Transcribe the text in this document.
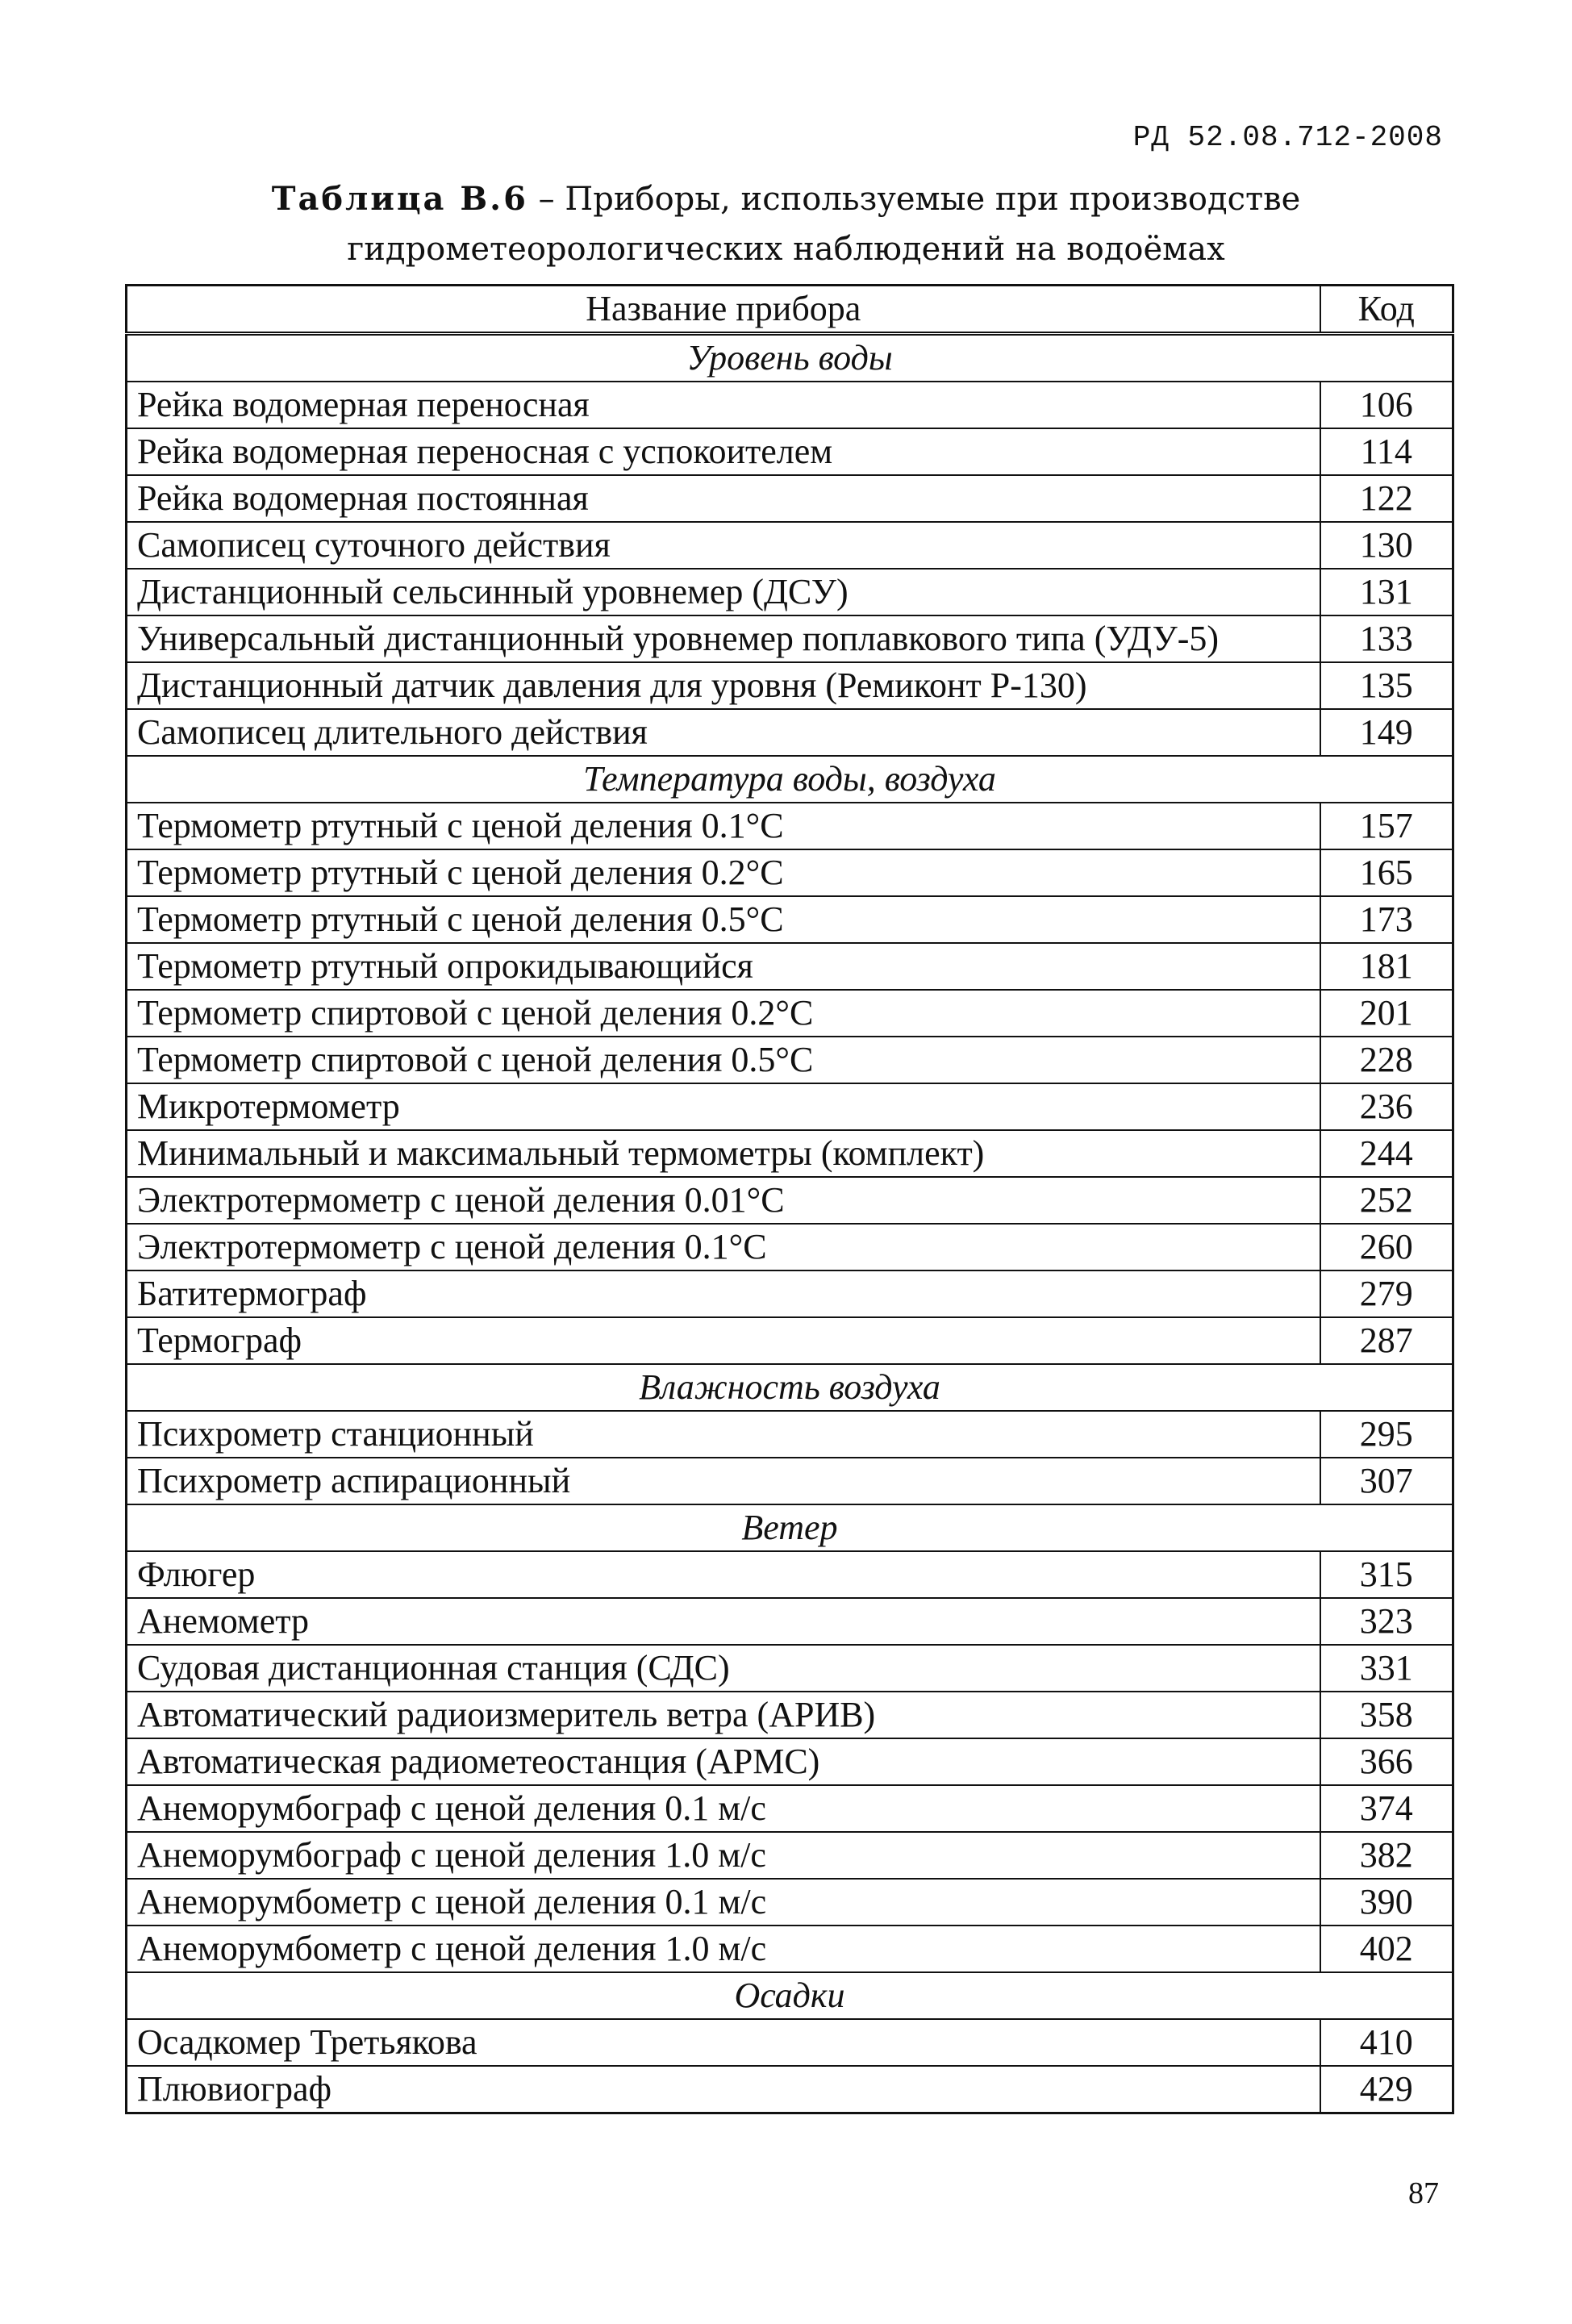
РД 52.08.712-2008
Таблица В.6 – Приборы, используемые при производстве
гидрометеорологических наблюдений на водоёмах
Название прибора	Код
Уровень воды	
Рейка водомерная переносная	106
Рейка водомерная переносная с успокоителем	114
Рейка водомерная постоянная	122
Самописец суточного действия	130
Дистанционный сельсинный уровнемер (ДСУ)	131
Универсальный дистанционный уровнемер поплавкового типа (УДУ-5)	133
Дистанционный датчик давления для уровня (Ремиконт Р-130)	135
Самописец длительного действия	149
Температура воды, воздуха	
Термометр ртутный с ценой деления 0.1°С	157
Термометр ртутный с ценой деления 0.2°С	165
Термометр ртутный с ценой деления 0.5°С	173
Термометр ртутный опрокидывающийся	181
Термометр спиртовой с ценой деления 0.2°С	201
Термометр спиртовой с ценой деления 0.5°С	228
Микротермометр	236
Минимальный и максимальный термометры (комплект)	244
Электротермометр с ценой деления 0.01°С	252
Электротермометр с ценой деления 0.1°С	260
Батитермограф	279
Термограф	287
Влажность воздуха	
Психрометр станционный	295
Психрометр аспирационный	307
Ветер	
Флюгер	315
Анемометр	323
Судовая дистанционная станция (СДС)	331
Автоматический радиоизмеритель ветра (АРИВ)	358
Автоматическая радиометеостанция (АРМС)	366
Анеморумбограф с ценой деления 0.1 м/с	374
Анеморумбограф с ценой деления 1.0 м/с	382
Анеморумбометр с ценой деления 0.1 м/с	390
Анеморумбометр с ценой деления 1.0 м/с	402
Осадки	
Осадкомер Третьякова	410
Плювиограф	429
87
